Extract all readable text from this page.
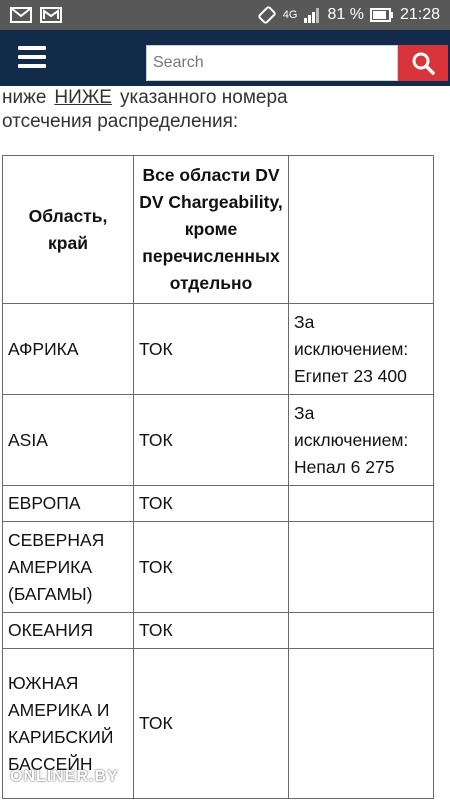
4G 81 % 21:28
Search
ниже НИЖЕ указанного номера
отсечения распределения:
Область, край	Все области DV DV Chargeability, кроме перечисленных отдельно	
АФРИКА	ТОК	За исключением: Египет 23 400
ASIA	ТОК	За исключением: Непал 6 275
ЕВРОПА	ТОК	
СЕВЕРНАЯ АМЕРИКА (БАГАМЫ)	ТОК	
ОКЕАНИЯ	ТОК	
ЮЖНАЯ АМЕРИКА И КАРИБСКИЙ БАССЕЙН	ТОК	
ONLINER.BY
